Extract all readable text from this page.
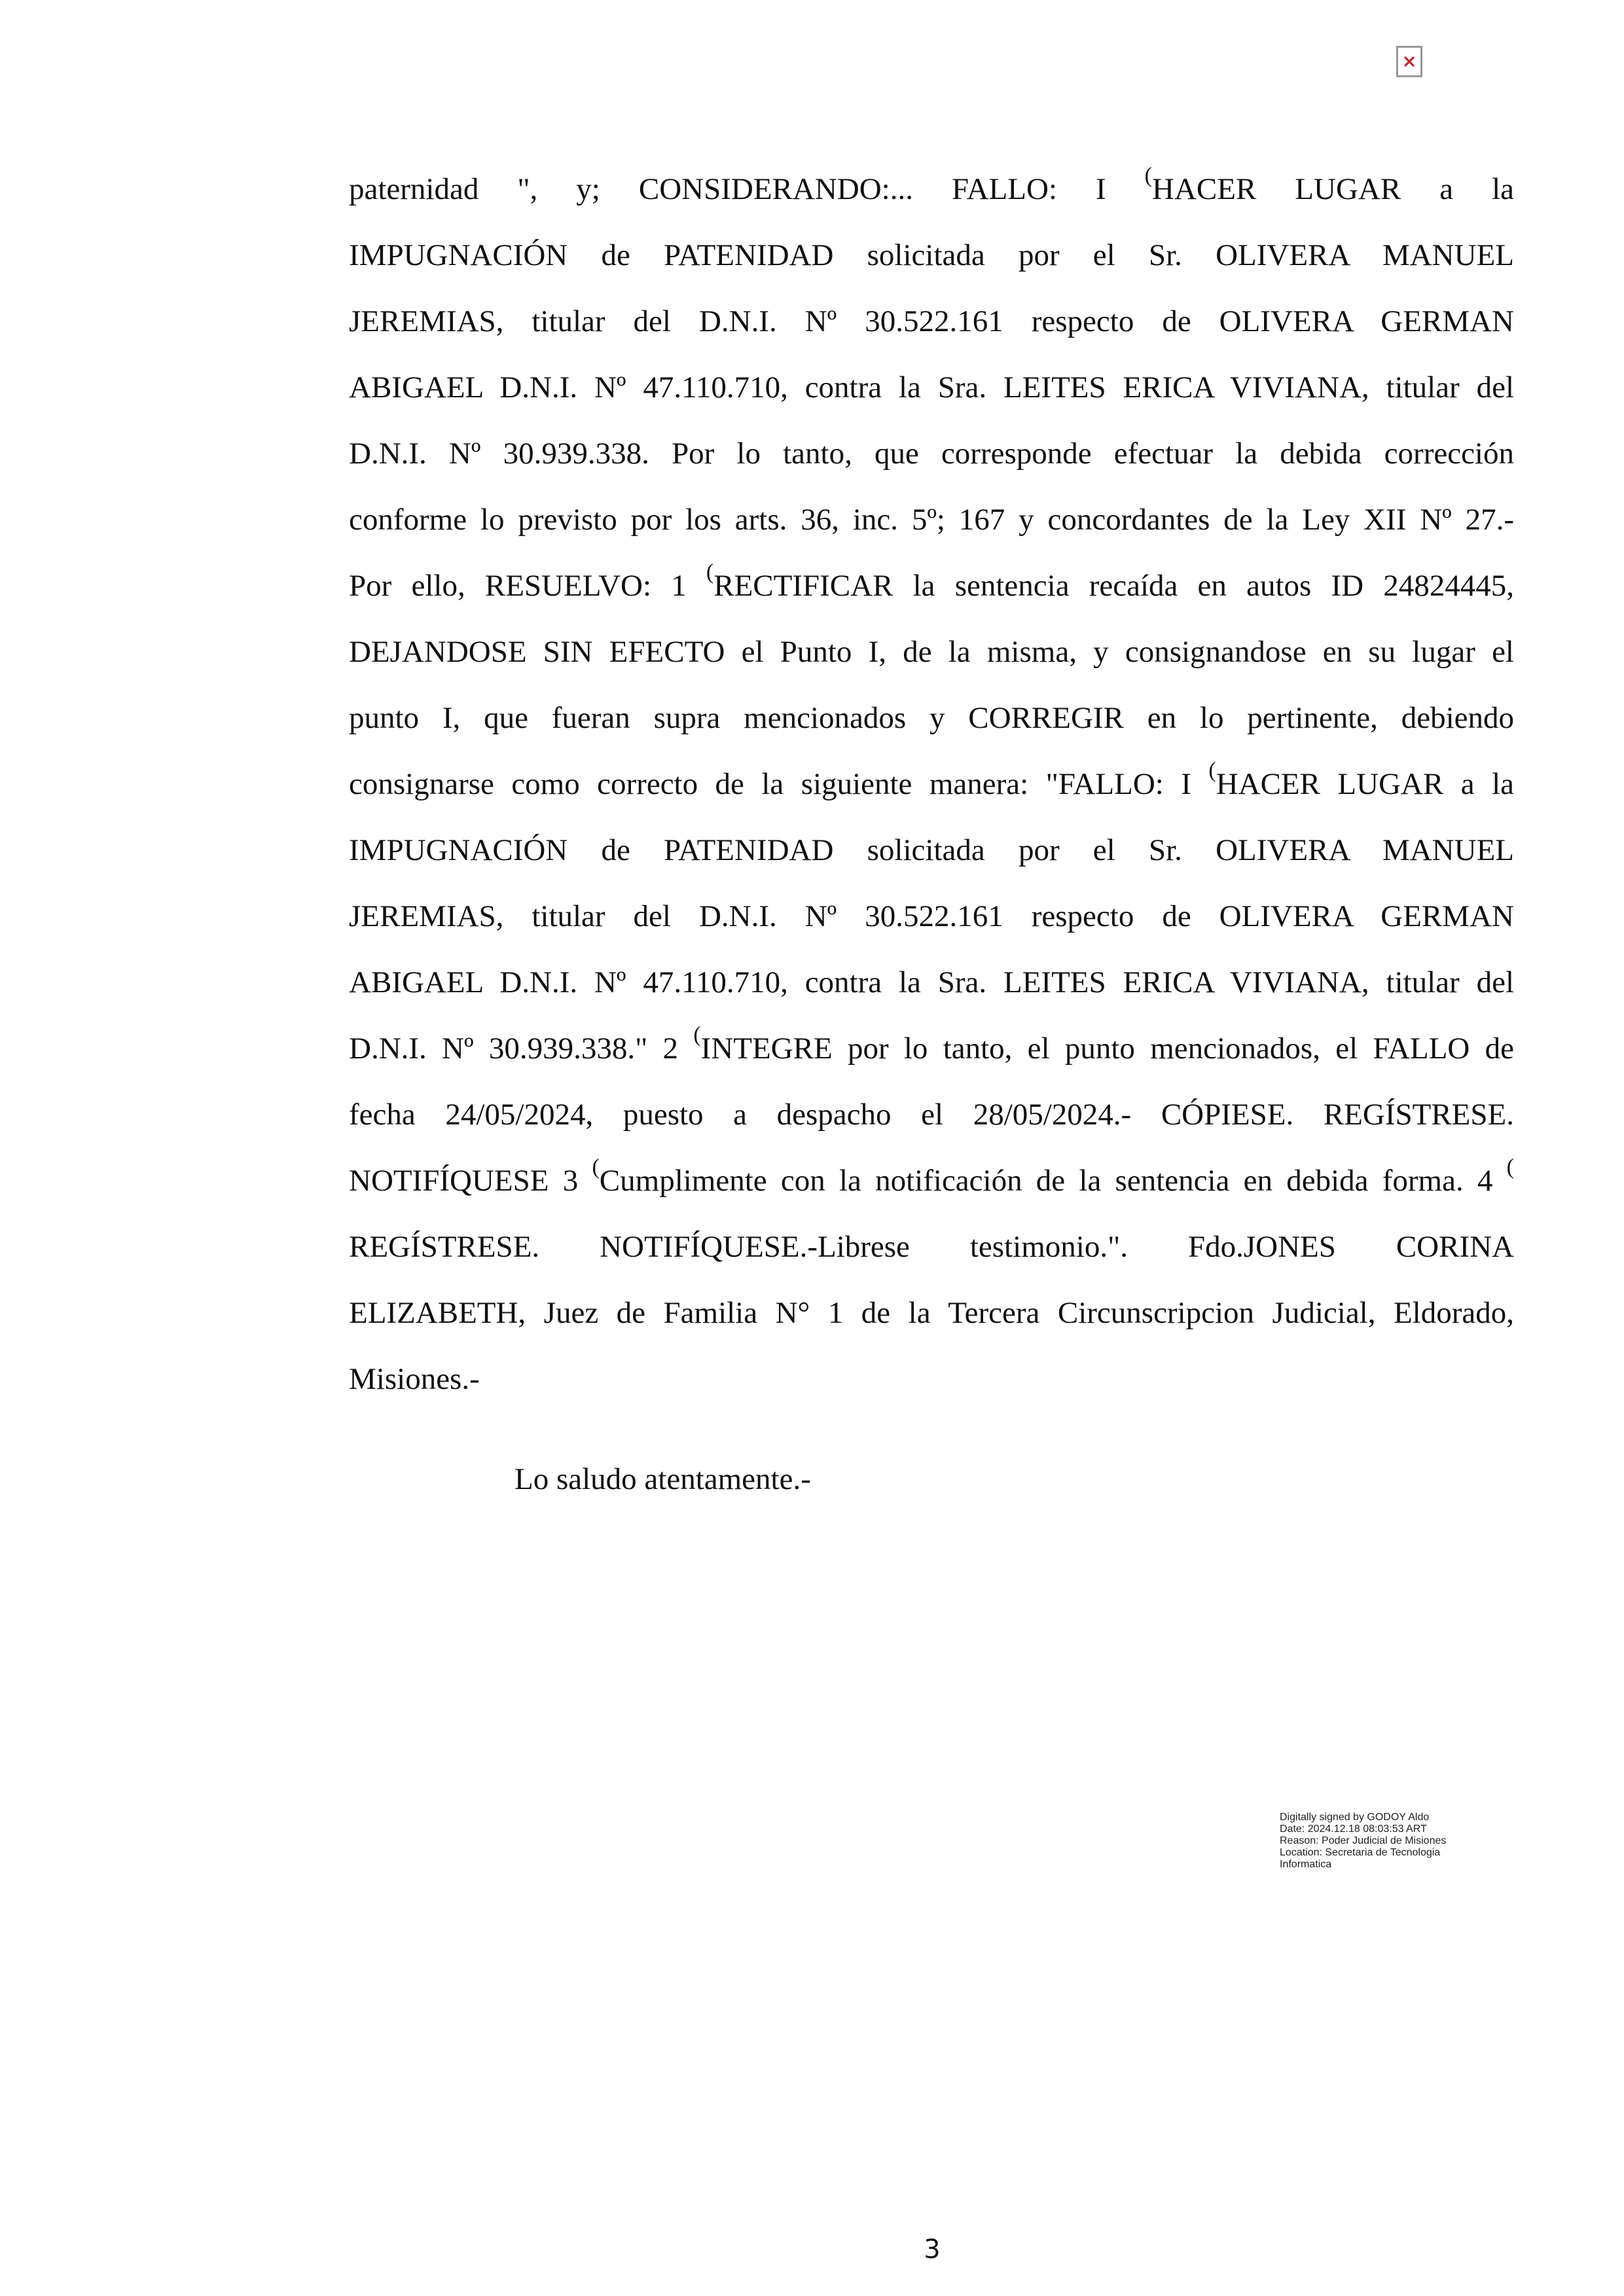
paternidad ", y; CONSIDERANDO:... FALLO: I (HACER LUGAR a la
IMPUGNACIÓN de PATENIDAD solicitada por el Sr. OLIVERA MANUEL
JEREMIAS, titular del D.N.I. Nº 30.522.161 respecto de OLIVERA GERMAN
ABIGAEL D.N.I. Nº 47.110.710, contra la Sra. LEITES ERICA VIVIANA, titular del
D.N.I. Nº 30.939.338. Por lo tanto, que corresponde efectuar la debida corrección
conforme lo previsto por los arts. 36, inc. 5º; 167 y concordantes de la Ley XII Nº 27.-
Por ello, RESUELVO: 1 (RECTIFICAR la sentencia recaída en autos ID 24824445,
DEJANDOSE SIN EFECTO el Punto I, de la misma, y consignandose en su lugar el
punto I, que fueran supra mencionados y CORREGIR en lo pertinente, debiendo
consignarse como correcto de la siguiente manera: "FALLO: I (HACER LUGAR a la
IMPUGNACIÓN de PATENIDAD solicitada por el Sr. OLIVERA MANUEL
JEREMIAS, titular del D.N.I. Nº 30.522.161 respecto de OLIVERA GERMAN
ABIGAEL D.N.I. Nº 47.110.710, contra la Sra. LEITES ERICA VIVIANA, titular del
D.N.I. Nº 30.939.338." 2 (INTEGRE por lo tanto, el punto mencionados, el FALLO de
fecha 24/05/2024, puesto a despacho el 28/05/2024.- CÓPIESE. REGÍSTRESE.
NOTIFÍQUESE 3 (Cumplimente con la notificación de la sentencia en debida forma. 4 (
REGÍSTRESE. NOTIFÍQUESE.-Librese testimonio.". Fdo.JONES CORINA
ELIZABETH, Juez de Familia N° 1 de la Tercera Circunscripcion Judicial, Eldorado,
Misiones.-
Lo saludo atentamente.-
Digitally signed by GODOY Aldo
Date: 2024.12.18 08:03:53 ART
Reason: Poder Judicial de Misiones
Location: Secretaria de Tecnologia
Informatica
3
